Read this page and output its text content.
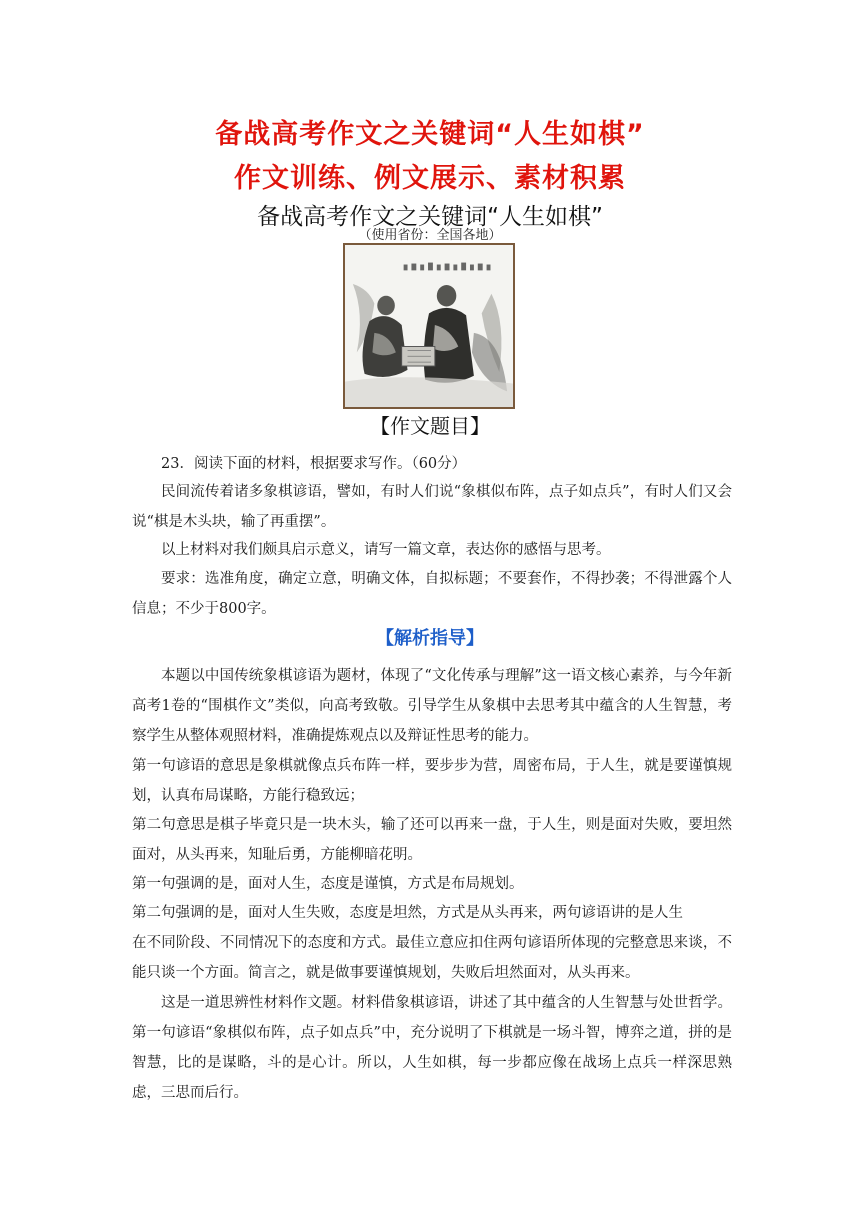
备战高考作文之关键词“人生如棋”
作文训练、例文展示、素材积累
备战高考作文之关键词“人生如棋”
（使用省份：全国各地）
【作文题目】

23．阅读下面的材料，根据要求写作。（60分）

民间流传着诸多象棋谚语，譬如，有时人们说“象棋似布阵，点子如点兵”，有时人们又会说“棋是木头块，输了再重摆”。

以上材料对我们颇具启示意义，请写一篇文章，表达你的感悟与思考。

要求：选准角度，确定立意，明确文体，自拟标题；不要套作，不得抄袭；不得泄露个人信息；不少于800字。

【解析指导】

本题以中国传统象棋谚语为题材，体现了“文化传承与理解”这一语文核心素养，与今年新高考1卷的“围棋作文”类似，向高考致敬。引导学生从象棋中去思考其中蕴含的人生智慧，考察学生从整体观照材料，准确提炼观点以及辩证性思考的能力。

第一句谚语的意思是象棋就像点兵布阵一样，要步步为营，周密布局，于人生，就是要谨慎规划，认真布局谋略，方能行稳致远；

第二句意思是棋子毕竟只是一块木头，输了还可以再来一盘，于人生，则是面对失败，要坦然面对，从头再来，知耻后勇，方能柳暗花明。

第一句强调的是，面对人生，态度是谨慎，方式是布局规划。

第二句强调的是，面对人生失败，态度是坦然，方式是从头再来，两句谚语讲的是人生

在不同阶段、不同情况下的态度和方式。最佳立意应扣住两句谚语所体现的完整意思来谈，不能只谈一个方面。简言之，就是做事要谨慎规划，失败后坦然面对，从头再来。

这是一道思辨性材料作文题。材料借象棋谚语，讲述了其中蕴含的人生智慧与处世哲学。第一句谚语“象棋似布阵，点子如点兵”中，充分说明了下棋就是一场斗智，博弈之道，拼的是智慧，比的是谋略，斗的是心计。所以，人生如棋，每一步都应像在战场上点兵一样深思熟虑，三思而后行。
